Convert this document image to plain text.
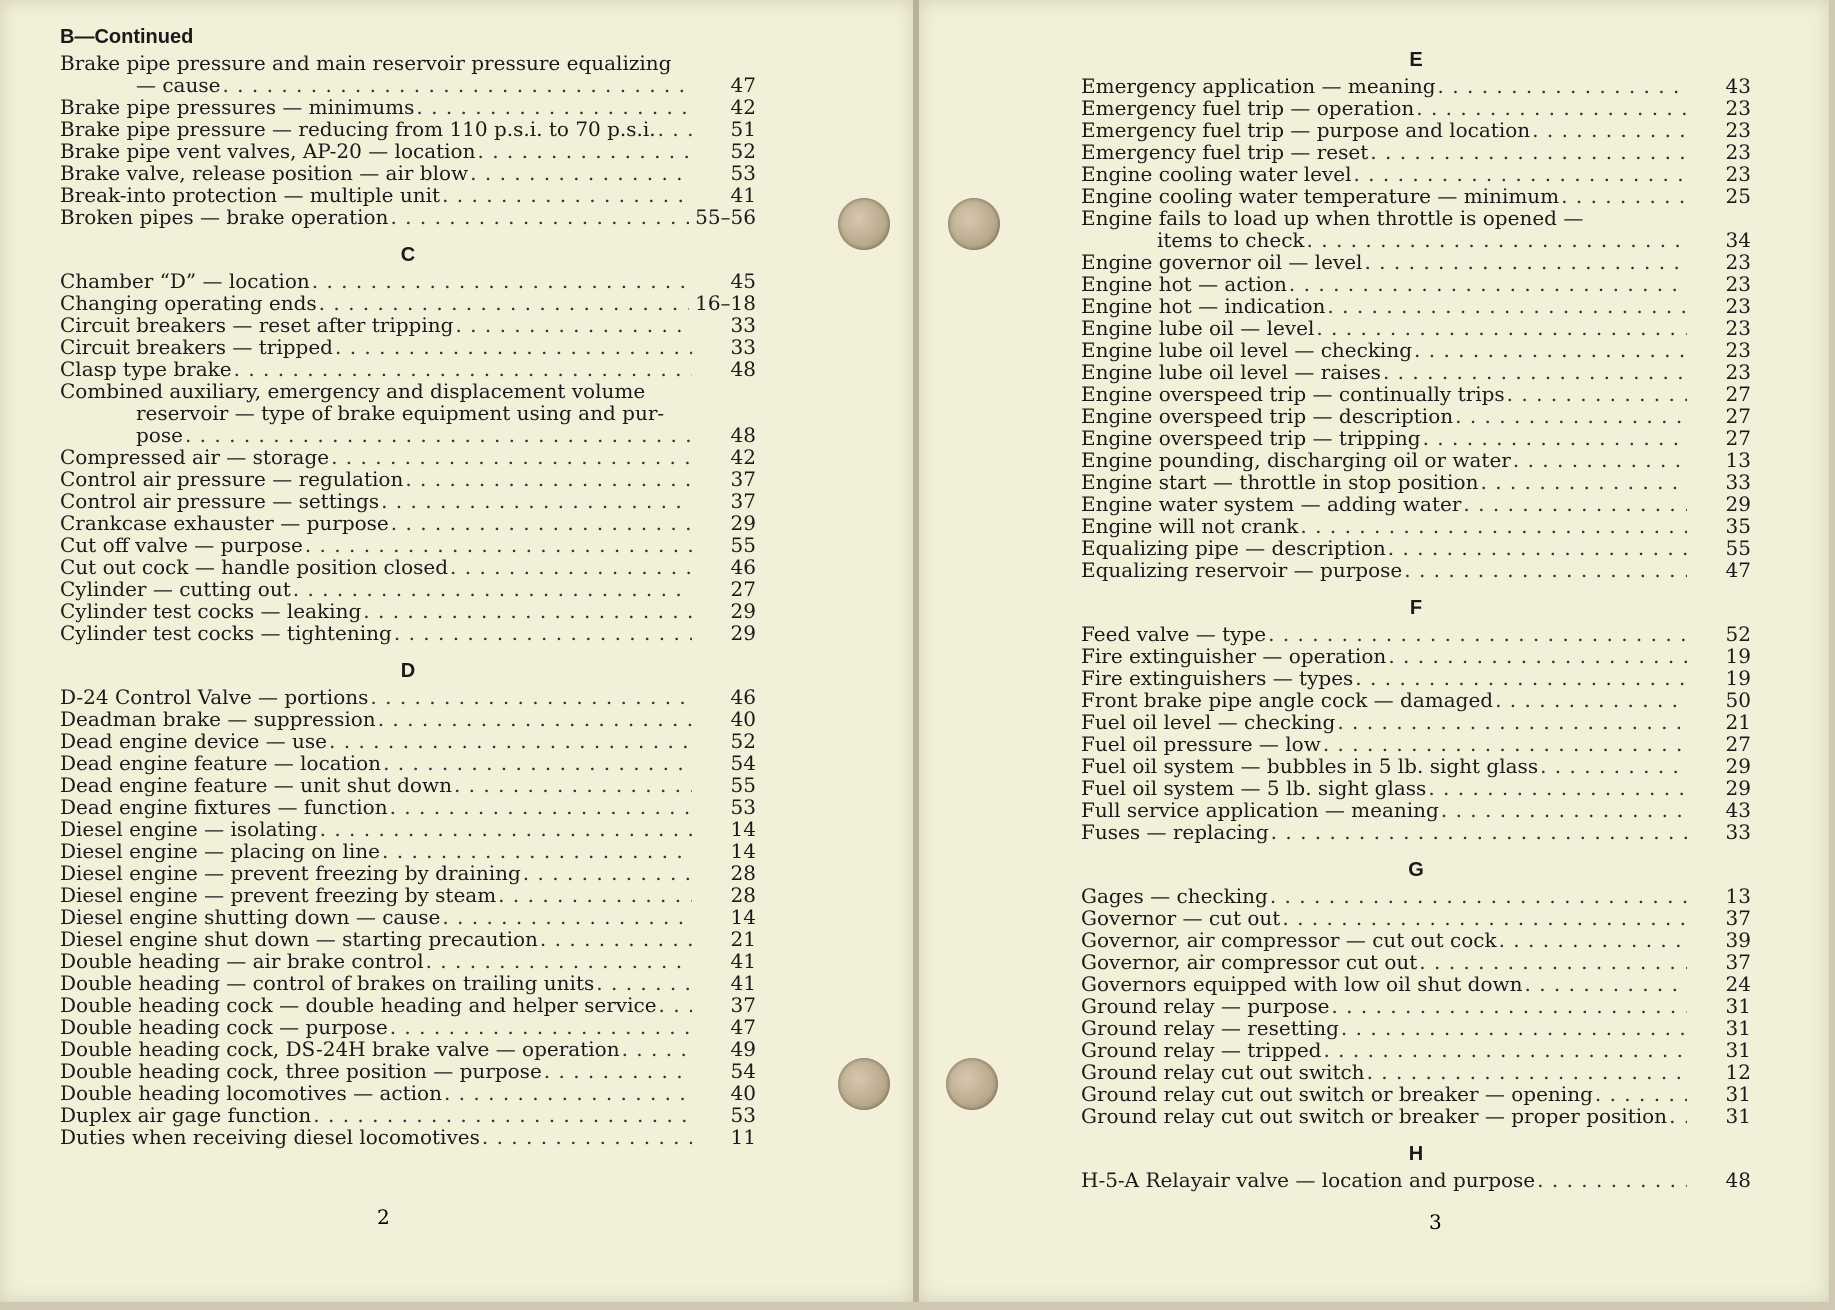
B—Continued
Brake pipe pressure and main reservoir pressure equalizing
— cause . . .	47
Brake pipe pressures — minimums . . .	42
Brake pipe pressure — reducing from 110 p.s.i. to 70 p.s.i. . . .	51
Brake pipe vent valves, AP-20 — location . . .	52
Brake valve, release position — air blow . . .	53
Break-into protection — multiple unit . . .	41
Broken pipes — brake operation . . .	55–56
C
Chamber “D” — location . . .	45
Changing operating ends . . .	16–18
Circuit breakers — reset after tripping . . .	33
Circuit breakers — tripped . . .	33
Clasp type brake . . .	48
Combined auxiliary, emergency and displacement volume
reservoir — type of brake equipment using and pur-
pose . . .	48
Compressed air — storage . . .	42
Control air pressure — regulation . . .	37
Control air pressure — settings . . .	37
Crankcase exhauster — purpose . . .	29
Cut off valve — purpose . . .	55
Cut out cock — handle position closed . . .	46
Cylinder — cutting out . . .	27
Cylinder test cocks — leaking . . .	29
Cylinder test cocks — tightening . . .	29
D
D-24 Control Valve — portions . . .	46
Deadman brake — suppression . . .	40
Dead engine device — use . . .	52
Dead engine feature — location . . .	54
Dead engine feature — unit shut down . . .	55
Dead engine fixtures — function . . .	53
Diesel engine — isolating . . .	14
Diesel engine — placing on line . . .	14
Diesel engine — prevent freezing by draining . . .	28
Diesel engine — prevent freezing by steam . . .	28
Diesel engine shutting down — cause . . .	14
Diesel engine shut down — starting precaution . . .	21
Double heading — air brake control . . .	41
Double heading — control of brakes on trailing units . . .	41
Double heading cock — double heading and helper service . . .	37
Double heading cock — purpose . . .	47
Double heading cock, DS-24H brake valve — operation . . .	49
Double heading cock, three position — purpose . . .	54
Double heading locomotives — action . . .	40
Duplex air gage function . . .	53
Duties when receiving diesel locomotives . . .	11
E
Emergency application — meaning . . .	43
Emergency fuel trip — operation . . .	23
Emergency fuel trip — purpose and location . . .	23
Emergency fuel trip — reset . . .	23
Engine cooling water level . . .	23
Engine cooling water temperature — minimum . . .	25
Engine fails to load up when throttle is opened —
items to check . . .	34
Engine governor oil — level . . .	23
Engine hot — action . . .	23
Engine hot — indication . . .	23
Engine lube oil — level . . .	23
Engine lube oil level — checking . . .	23
Engine lube oil level — raises . . .	23
Engine overspeed trip — continually trips . . .	27
Engine overspeed trip — description . . .	27
Engine overspeed trip — tripping . . .	27
Engine pounding, discharging oil or water . . .	13
Engine start — throttle in stop position . . .	33
Engine water system — adding water . . .	29
Engine will not crank . . .	35
Equalizing pipe — description . . .	55
Equalizing reservoir — purpose . . .	47
F
Feed valve — type . . .	52
Fire extinguisher — operation . . .	19
Fire extinguishers — types . . .	19
Front brake pipe angle cock — damaged . . .	50
Fuel oil level — checking . . .	21
Fuel oil pressure — low . . .	27
Fuel oil system — bubbles in 5 lb. sight glass . . .	29
Fuel oil system — 5 lb. sight glass . . .	29
Full service application — meaning . . .	43
Fuses — replacing . . .	33
G
Gages — checking . . .	13
Governor — cut out . . .	37
Governor, air compressor — cut out cock . . .	39
Governor, air compressor cut out . . .	37
Governors equipped with low oil shut down . . .	24
Ground relay — purpose . . .	31
Ground relay — resetting . . .	31
Ground relay — tripped . . .	31
Ground relay cut out switch . . .	12
Ground relay cut out switch or breaker — opening . . .	31
Ground relay cut out switch or breaker — proper position . . .	31
H
H-5-A Relayair valve — location and purpose . . .	48
2	3
